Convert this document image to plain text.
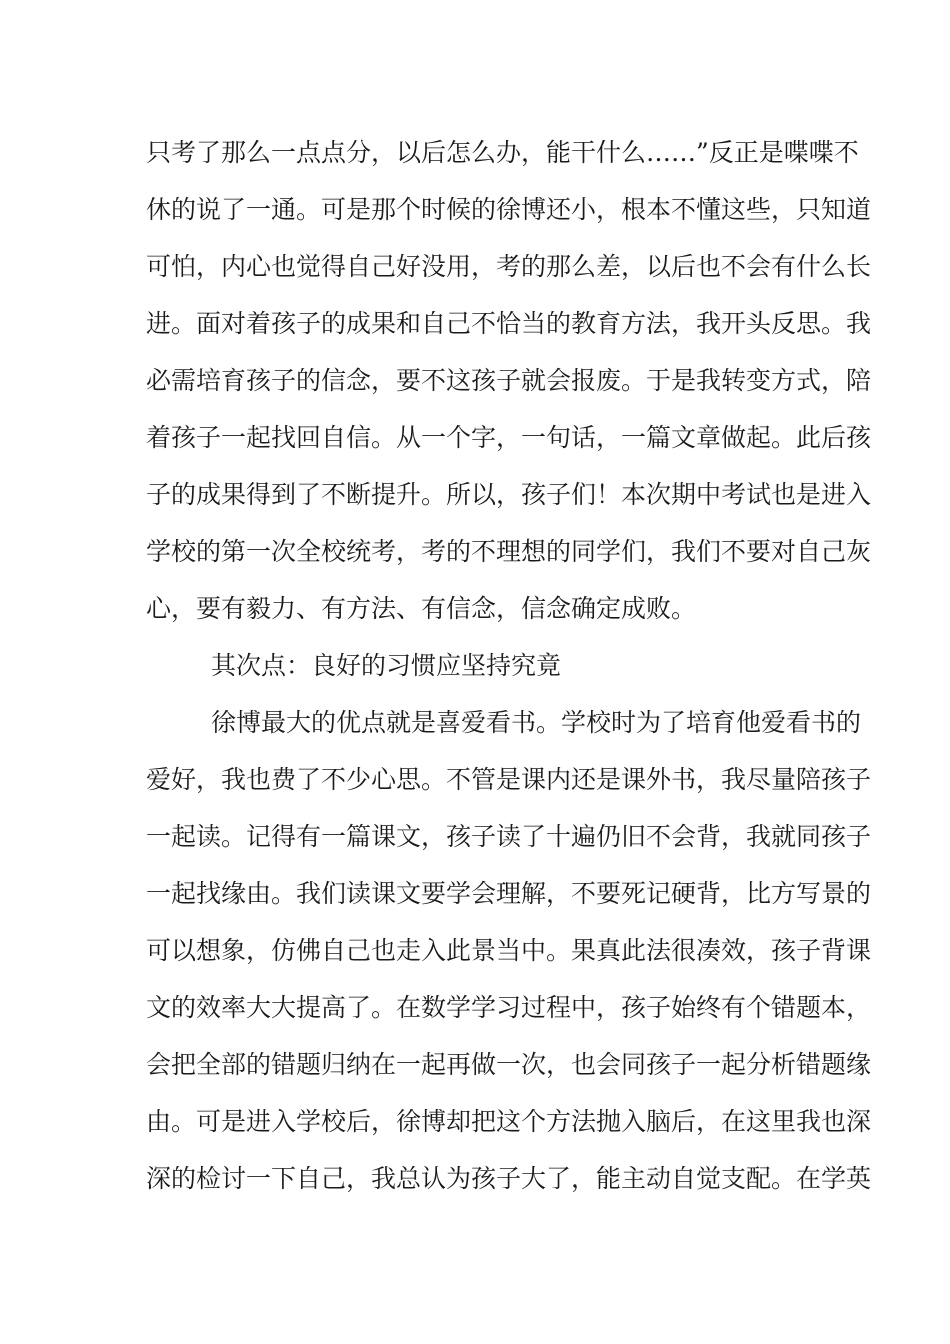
只考了那么一点点分，以后怎么办，能干什么……”反正是喋喋不
休的说了一通。可是那个时候的徐博还小，根本不懂这些，只知道
可怕，内心也觉得自己好没用，考的那么差，以后也不会有什么长
进。面对着孩子的成果和自己不恰当的教育方法，我开头反思。我
必需培育孩子的信念，要不这孩子就会报废。于是我转变方式，陪
着孩子一起找回自信。从一个字，一句话，一篇文章做起。此后孩
子的成果得到了不断提升。所以，孩子们！本次期中考试也是进入
学校的第一次全校统考，考的不理想的同学们，我们不要对自己灰
心，要有毅力、有方法、有信念，信念确定成败。
其次点：良好的习惯应坚持究竟
徐博最大的优点就是喜爱看书。学校时为了培育他爱看书的
爱好，我也费了不少心思。不管是课内还是课外书，我尽量陪孩子
一起读。记得有一篇课文，孩子读了十遍仍旧不会背，我就同孩子
一起找缘由。我们读课文要学会理解，不要死记硬背，比方写景的
可以想象，仿佛自己也走入此景当中。果真此法很凑效，孩子背课
文的效率大大提高了。在数学学习过程中，孩子始终有个错题本，
会把全部的错题归纳在一起再做一次，也会同孩子一起分析错题缘
由。可是进入学校后，徐博却把这个方法抛入脑后，在这里我也深
深的检讨一下自己，我总认为孩子大了，能主动自觉支配。在学英
